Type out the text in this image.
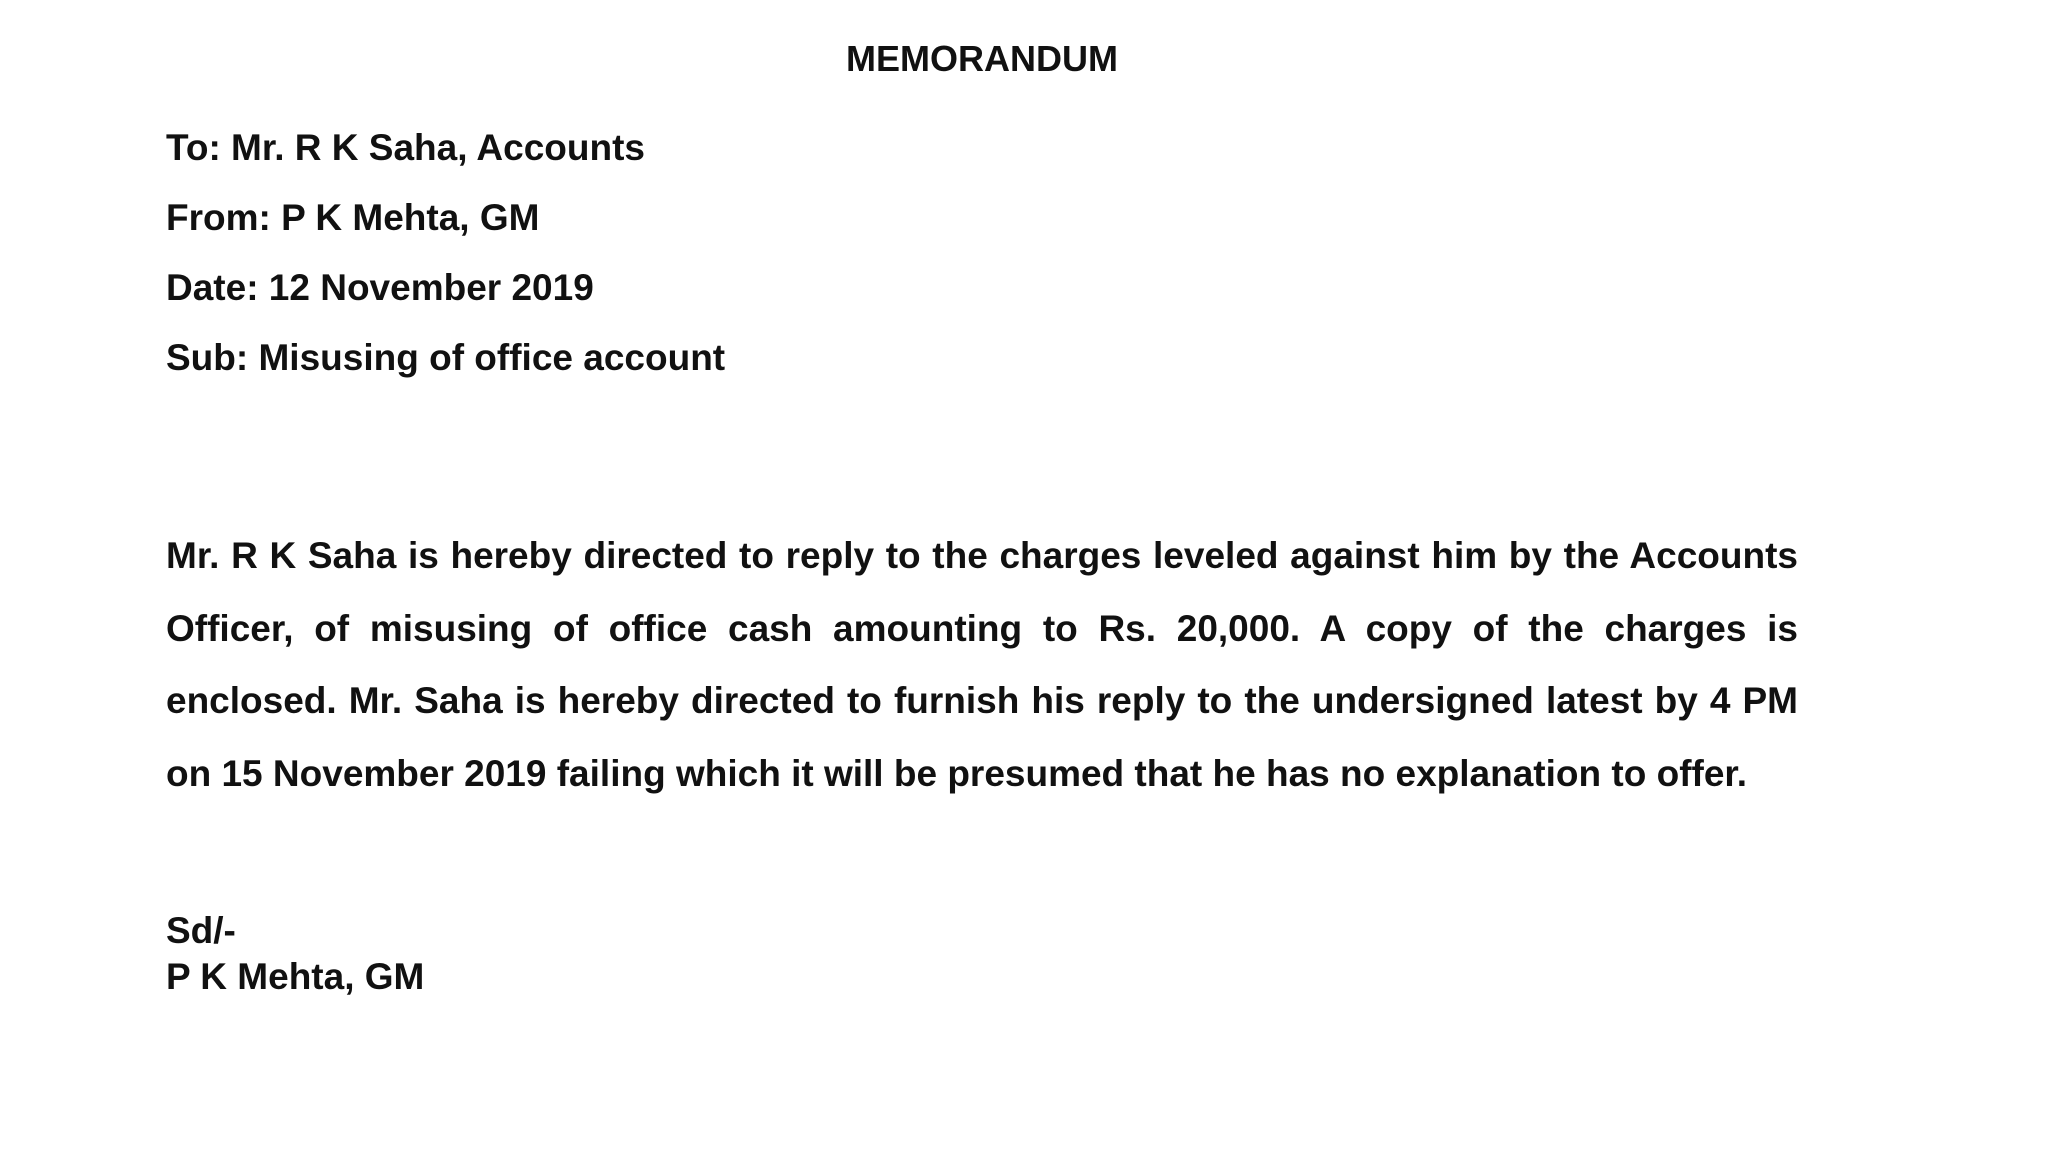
MEMORANDUM
To: Mr. R K Saha, Accounts
From: P K Mehta, GM
Date: 12 November 2019
Sub: Misusing of office account
Mr. R K Saha is hereby directed to reply to the charges leveled against him by the Accounts Officer, of misusing of office cash amounting to Rs. 20,000. A copy of the charges is enclosed. Mr. Saha is hereby directed to furnish his reply to the undersigned latest by 4 PM on 15 November 2019 failing which it will be presumed that he has no explanation to offer.
Sd/-
P K Mehta, GM
